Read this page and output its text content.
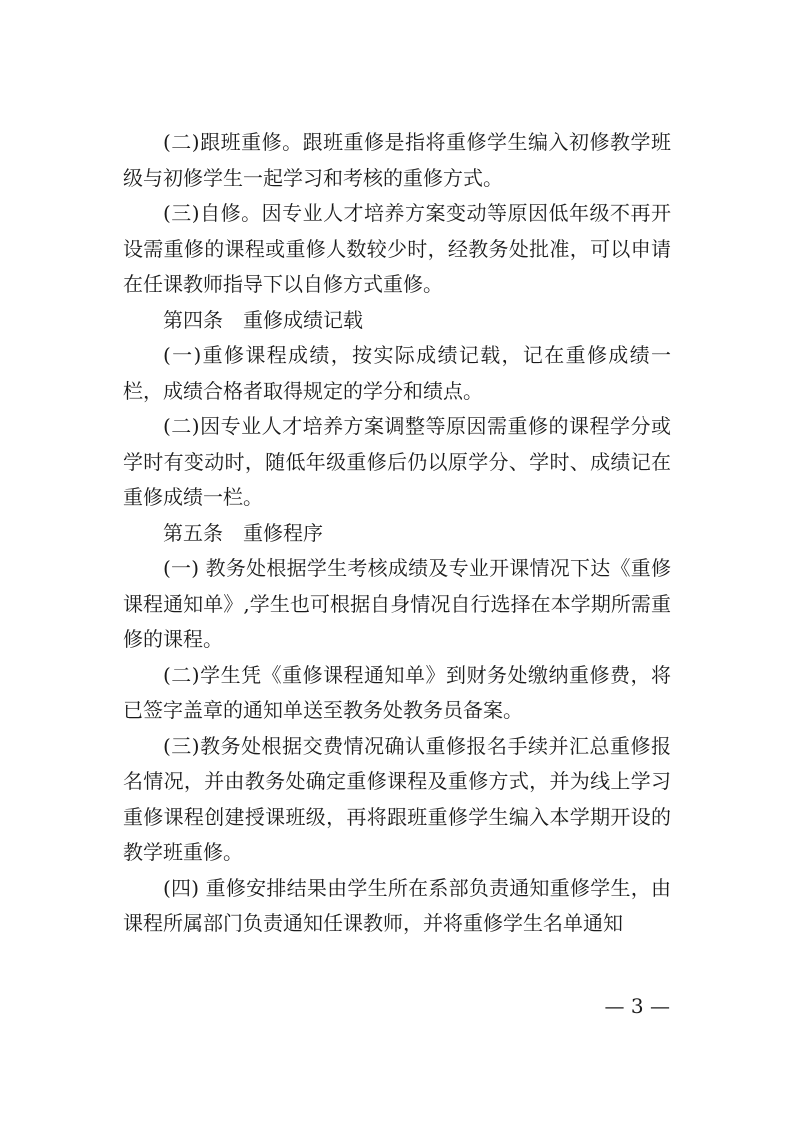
(二)跟班重修。跟班重修是指将重修学生编入初修教学班级与初修学生一起学习和考核的重修方式。

(三)自修。因专业人才培养方案变动等原因低年级不再开设需重修的课程或重修人数较少时，经教务处批准，可以申请在任课教师指导下以自修方式重修。

第四条　重修成绩记载

(一)重修课程成绩，按实际成绩记载，记在重修成绩一栏，成绩合格者取得规定的学分和绩点。

(二)因专业人才培养方案调整等原因需重修的课程学分或学时有变动时，随低年级重修后仍以原学分、学时、成绩记在重修成绩一栏。

第五条　重修程序

(一) 教务处根据学生考核成绩及专业开课情况下达《重修课程通知单》,学生也可根据自身情况自行选择在本学期所需重修的课程。

(二)学生凭《重修课程通知单》到财务处缴纳重修费，将已签字盖章的通知单送至教务处教务员备案。

(三)教务处根据交费情况确认重修报名手续并汇总重修报名情况，并由教务处确定重修课程及重修方式，并为线上学习重修课程创建授课班级，再将跟班重修学生编入本学期开设的教学班重修。

(四) 重修安排结果由学生所在系部负责通知重修学生，由课程所属部门负责通知任课教师，并将重修学生名单通知

— 3 —
